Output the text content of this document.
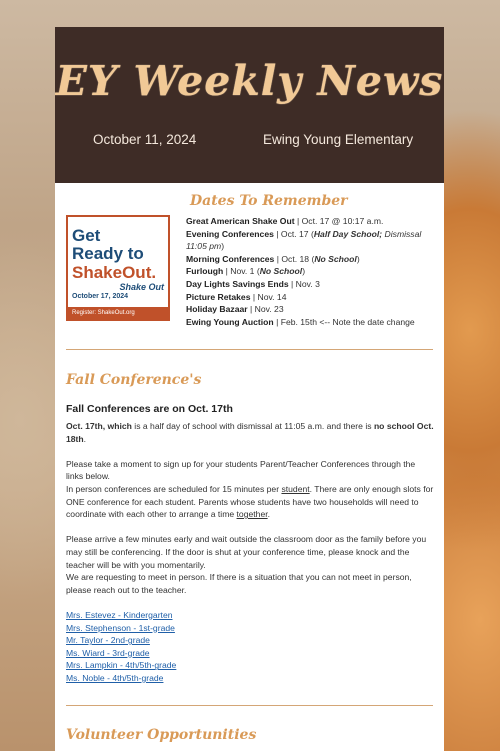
EY Weekly News
October 11, 2024	Ewing Young Elementary
Dates To Remember
Get
Ready to
ShakeOut.
October 17, 2024
Shake Out
Register: ShakeOut.org

Great American Shake Out | Oct. 17 @ 10:17 a.m.

Evening Conferences | Oct. 17 (Half Day School; Dismissal 11:05 pm)

Morning Conferences | Oct. 18 (No School)

Furlough | Nov. 1 (No School)

Day Lights Savings Ends | Nov. 3

Picture Retakes | Nov. 14

Holiday Bazaar | Nov. 23

Ewing Young Auction | Feb. 15th <-- Note the date change

Fall Conference's
Fall Conferences are on Oct. 17th

Oct. 17th, which is a half day of school with dismissal at 11:05 a.m. and there is no school Oct. 18th.

Please take a moment to sign up for your students Parent/Teacher Conferences through the links below.

In person conferences are scheduled for 15 minutes per student. There are only enough slots for ONE conference for each student. Parents whose students have two households will need to coordinate with each other to arrange a time together.

Please arrive a few minutes early and wait outside the classroom door as the family before you may still be conferencing. If the door is shut at your conference time, please knock and the teacher will be with you momentarily.

We are requesting to meet in person. If there is a situation that you can not meet in person, please reach out to the teacher.

Mrs. Estevez - Kindergarten
Mrs. Stephenson - 1st-grade
Mr. Taylor - 2nd-grade
Ms. Wiard - 3rd-grade
Mrs. Lampkin - 4th/5th-grade
Ms. Noble - 4th/5th-grade
Volunteer Opportunities
